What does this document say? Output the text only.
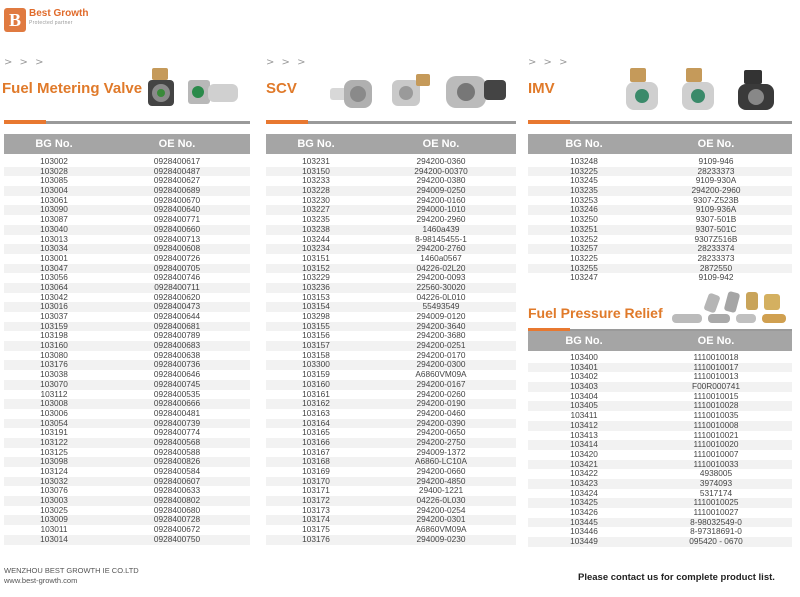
B Best Growth
Protected partner
> > >
Fuel Metering Valve
BG No.	OE No.
103002	0928400617
103028	0928400487
103085	0928400627
103004	0928400689
103061	0928400670
103090	0928400640
103087	0928400771
103040	0928400660
103013	0928400713
103034	0928400608
103001	0928400726
103047	0928400705
103056	0928400746
103064	0928400711
103042	0928400620
103016	0928400473
103037	0928400644
103159	0928400681
103198	0928400789
103160	0928400683
103080	0928400638
103176	0928400736
103038	0928400646
103070	0928400745
103112	0928400535
103008	0928400666
103006	0928400481
103054	0928400739
103191	0928400774
103122	0928400568
103125	0928400588
103098	0928400826
103124	0928400584
103032	0928400607
103076	0928400633
103003	0928400802
103025	0928400680
103009	0928400728
103011	0928400672
103014	0928400750
> > >
SCV
BG No.	OE No.
103231	294200-0360
103150	294200-00370
103233	294200-0380
103228	294009-0250
103230	294200-0160
103227	294000-1010
103235	294200-2960
103238	1460a439
103244	8-98145455-1
103234	294200-2760
103151	1460a0567
103152	04226-02L20
103229	294200-0093
103236	22560-30020
103153	04226-0L010
103154	55493549
103298	294009-0120
103155	294200-3640
103156	294200-3680
103157	294200-0251
103158	294200-0170
103300	294200-0300
103159	A6860VM09A
103160	294200-0167
103161	294200-0260
103162	294200-0190
103163	294200-0460
103164	294200-0390
103165	294200-0650
103166	294200-2750
103167	294009-1372
103168	A6860-LC10A
103169	294200-0660
103170	294200-4850
103171	29400-1221
103172	04226-0L030
103173	294200-0254
103174	294200-0301
103175	A6860VM09A
103176	294009-0230
> > >
IMV
BG No.	OE No.
103248	9109-946
103225	28233373
103245	9109-930A
103235	294200-2960
103253	9307-Z523B
103246	9109-936A
103250	9307-501B
103251	9307-501C
103252	9307Z516B
103257	28233374
103225	28233373
103255	2872550
103247	9109-942
Fuel Pressure Relief
BG No.	OE No.
103400	1110010018
103401	1110010017
103402	1110010013
103403	F00R000741
103404	1110010015
103405	1110010028
103411	1110010035
103412	1110010008
103413	1110010021
103414	1110010020
103420	1110010007
103421	1110010033
103422	4938005
103423	3974093
103424	5317174
103425	1110010025
103426	1110010027
103445	8-98032549-0
103446	8-97318691-0
103449	095420 - 0670
WENZHOU BEST GROWTH IE CO.LTD
www.best-growth.com	Please contact us for complete product list.
